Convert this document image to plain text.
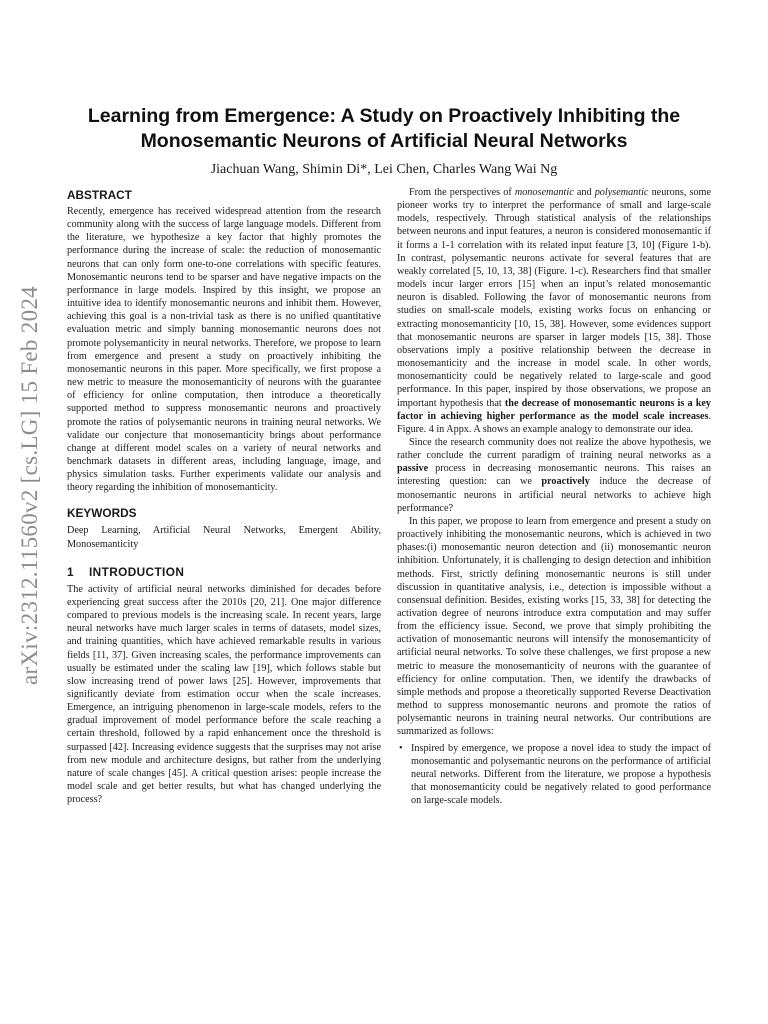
arXiv:2312.11560v2 [cs.LG] 15 Feb 2024
Learning from Emergence: A Study on Proactively Inhibiting the Monosemantic Neurons of Artificial Neural Networks

Jiachuan Wang, Shimin Di*, Lei Chen, Charles Wang Wai Ng

ABSTRACT

Recently, emergence has received widespread attention from the research community along with the success of large language models. Different from the literature, we hypothesize a key factor that highly promotes the performance during the increase of scale: the reduction of monosemantic neurons that can only form one-to-one correlations with specific features. Monosemantic neurons tend to be sparser and have negative impacts on the performance in large models. Inspired by this insight, we propose an intuitive idea to identify monosemantic neurons and inhibit them. However, achieving this goal is a non-trivial task as there is no unified quantitative evaluation metric and simply banning monosemantic neurons does not promote polysemanticity in neural networks. Therefore, we propose to learn from emergence and present a study on proactively inhibiting the monosemantic neurons in this paper. More specifically, we first propose a new metric to measure the monosemanticity of neurons with the guarantee of efficiency for online computation, then introduce a theoretically supported method to suppress monosemantic neurons and proactively promote the ratios of polysemantic neurons in training neural networks. We validate our conjecture that monosemanticity brings about performance change at different model scales on a variety of neural networks and benchmark datasets in different areas, including language, image, and physics simulation tasks. Further experiments validate our analysis and theory regarding the inhibition of monosemanticity.

KEYWORDS

Deep Learning, Artificial Neural Networks, Emergent Ability, Monosemanticity

1 INTRODUCTION

The activity of artificial neural networks diminished for decades before experiencing great success after the 2010s [20, 21]. One major difference compared to previous models is the increasing scale. In recent years, large neural networks have much larger scales in terms of datasets, model sizes, and training quantities, which have achieved remarkable results in various fields [11, 37]. Given increasing scales, the performance improvements can usually be estimated under the scaling law [19], which follows stable but slow increasing trend of power laws [25]. However, improvements that significantly deviate from estimation occur when the scale increases. Emergence, an intriguing phenomenon in large-scale models, refers to the gradual improvement of model performance before the scale reaching a certain threshold, followed by a rapid enhancement once the threshold is surpassed [42]. Increasing evidence suggests that the surprises may not arise from new module and architecture designs, but rather from the underlying nature of scale changes [45]. A critical question arises: people increase the model scale and get better results, but what has changed underlying the process?

From the perspectives of monosemantic and polysemantic neurons, some pioneer works try to interpret the performance of small and large-scale models, respectively. Through statistical analysis of the relationships between neurons and input features, a neuron is considered monosemantic if it forms a 1-1 correlation with its related input feature [3, 10] (Figure 1-b). In contrast, polysemantic neurons activate for several features that are weakly correlated [5, 10, 13, 38] (Figure. 1-c). Researchers find that smaller models incur larger errors [15] when an input’s related monosemantic neuron is disabled. Following the favor of monosemantic neurons from studies on small-scale models, existing works focus on enhancing or extracting monosemanticity [10, 15, 38]. However, some evidences support that monosemantic neurons are sparser in larger models [15, 38]. Those observations imply a positive relationship between the decrease in monosemanticity and the increase in model scale. In other words, monosemanticity could be negatively related to large-scale and good performance. In this paper, inspired by those observations, we propose an important hypothesis that the decrease of monosemantic neurons is a key factor in achieving higher performance as the model scale increases. Figure. 4 in Appx. A shows an example analogy to demonstrate our idea.

Since the research community does not realize the above hypothesis, we rather conclude the current paradigm of training neural networks as a passive process in decreasing monosemantic neurons. This raises an interesting question: can we proactively induce the decrease of monosemantic neurons in artificial neural networks to achieve high performance?

In this paper, we propose to learn from emergence and present a study on proactively inhibiting the monosemantic neurons, which is achieved in two phases:(i) monosemantic neuron detection and (ii) monosemantic neuron inhibition. Unfortunately, it is challenging to design detection and inhibition methods. First, strictly defining monosemantic neurons is still under discussion in quantitative analysis, i.e., detection is impossible without a consensual definition. Besides, existing works [15, 33, 38] for detecting the activation degree of neurons introduce extra computation and may suffer from the efficiency issue. Second, we prove that simply prohibiting the activation of monosemantic neurons will intensify the monosemanticity of artificial neural networks. To solve these challenges, we first propose a new metric to measure the monosemanticity of neurons with the guarantee of efficiency for online computation. Then, we identify the drawbacks of simple methods and propose a theoretically supported Reverse Deactivation method to suppress monosemantic neurons and promote the ratios of polysemantic neurons in training neural networks. Our contributions are summarized as follows:

• Inspired by emergence, we propose a novel idea to study the impact of monosemantic and polysemantic neurons on the performance of artificial neural networks. Different from the literature, we propose a hypothesis that monosemanticity could be negatively related to good performance on large-scale models.
